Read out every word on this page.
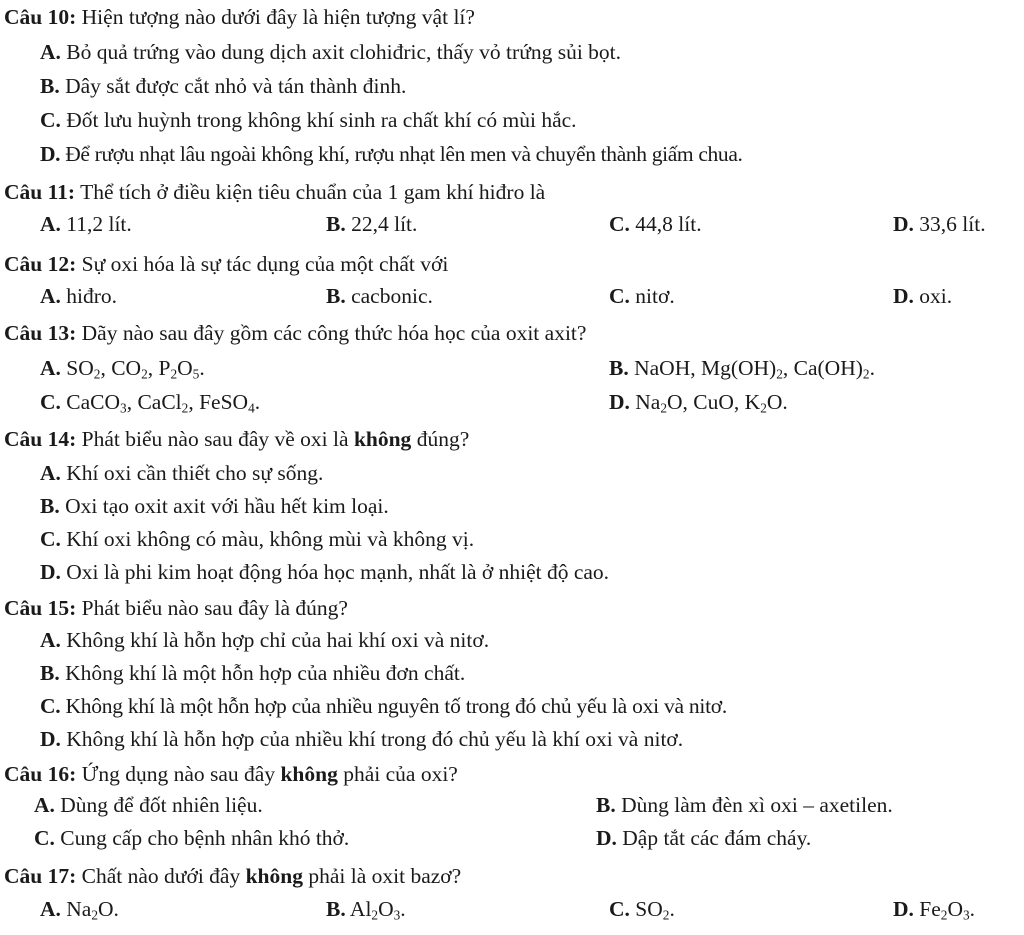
Câu 10: Hiện tượng nào dưới đây là hiện tượng vật lí?
A. Bỏ quả trứng vào dung dịch axit clohiđric, thấy vỏ trứng sủi bọt.
B. Dây sắt được cắt nhỏ và tán thành đinh.
C. Đốt lưu huỳnh trong không khí sinh ra chất khí có mùi hắc.
D. Để rượu nhạt lâu ngoài không khí, rượu nhạt lên men và chuyển thành giấm chua.
Câu 11: Thể tích ở điều kiện tiêu chuẩn của 1 gam khí hiđro là
A. 11,2 lít.	B. 22,4 lít.	C. 44,8 lít.	D. 33,6 lít.
Câu 12: Sự oxi hóa là sự tác dụng của một chất với
A. hiđro.	B. cacbonic.	C. nitơ.	D. oxi.
Câu 13: Dãy nào sau đây gồm các công thức hóa học của oxit axit?
A. $SO_2$, $CO_2$, $P_2O_5$.	B. NaOH, $Mg(OH)_2$, $Ca(OH)_2$.
C. CaCO$_3$, CaCl$_2$, FeSO$_4$.	D. $Na_2O$, CuO, $K_2O$.
Câu 14: Phát biểu nào sau đây về oxi là không đúng?
A. Khí oxi cần thiết cho sự sống.
B. Oxi tạo oxit axit với hầu hết kim loại.
C. Khí oxi không có màu, không mùi và không vị.
D. Oxi là phi kim hoạt động hóa học mạnh, nhất là ở nhiệt độ cao.
Câu 15: Phát biểu nào sau đây là đúng?
A. Không khí là hỗn hợp chỉ của hai khí oxi và nitơ.
B. Không khí là một hỗn hợp của nhiều đơn chất.
C. Không khí là một hỗn hợp của nhiều nguyên tố trong đó chủ yếu là oxi và nitơ.
D. Không khí là hỗn hợp của nhiều khí trong đó chủ yếu là khí oxi và nitơ.
Câu 16: Ứng dụng nào sau đây không phải của oxi?
A. Dùng để đốt nhiên liệu.	B. Dùng làm đèn xì oxi – axetilen.
C. Cung cấp cho bệnh nhân khó thở.	D. Dập tắt các đám cháy.
Câu 17: Chất nào dưới đây không phải là oxit bazơ?
A. $Na_2O$.	B. $Al_2O_3$.	C. $SO_2$.	D. $Fe_2O_3$.
